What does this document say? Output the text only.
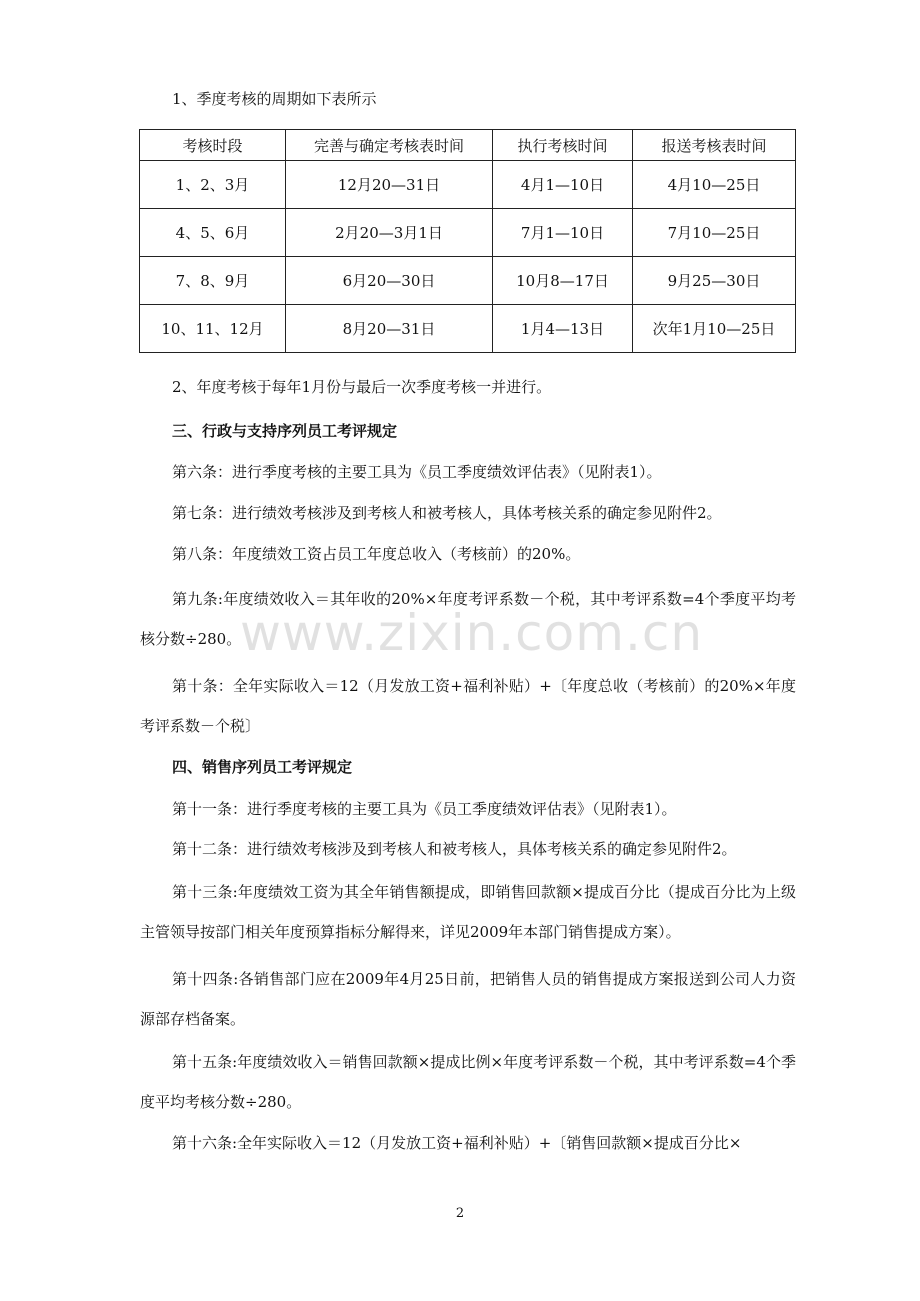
1、季度考核的周期如下表所示
考核时段	完善与确定考核表时间	执行考核时间	报送考核表时间
1、2、3月	12月20—31日	4月1—10日	4月10—25日
4、5、6月	2月20—3月1日	7月1—10日	7月10—25日
7、8、9月	6月20—30日	10月8—17日	9月25—30日
10、11、12月	8月20—31日	1月4—13日	次年1月10—25日
2、年度考核于每年1月份与最后一次季度考核一并进行。
三、行政与支持序列员工考评规定
第六条：进行季度考核的主要工具为《员工季度绩效评估表》（见附表1）。
第七条：进行绩效考核涉及到考核人和被考核人，具体考核关系的确定参见附件2。
第八条：年度绩效工资占员工年度总收入（考核前）的20%。
第九条:年度绩效收入＝其年收的20%×年度考评系数－个税，其中考评系数=4个季度平均考核分数÷280。
第十条：全年实际收入＝12（月发放工资+福利补贴）+〔年度总收（考核前）的20%×年度考评系数－个税〕
四、销售序列员工考评规定
第十一条：进行季度考核的主要工具为《员工季度绩效评估表》（见附表1）。
第十二条：进行绩效考核涉及到考核人和被考核人，具体考核关系的确定参见附件2。
第十三条:年度绩效工资为其全年销售额提成，即销售回款额×提成百分比（提成百分比为上级主管领导按部门相关年度预算指标分解得来，详见2009年本部门销售提成方案）。
第十四条:各销售部门应在2009年4月25日前，把销售人员的销售提成方案报送到公司人力资源部存档备案。
第十五条:年度绩效收入＝销售回款额×提成比例×年度考评系数－个税，其中考评系数=4个季度平均考核分数÷280。
第十六条:全年实际收入＝12（月发放工资+福利补贴）+〔销售回款额×提成百分比×
www.zixin.com.cn
2
